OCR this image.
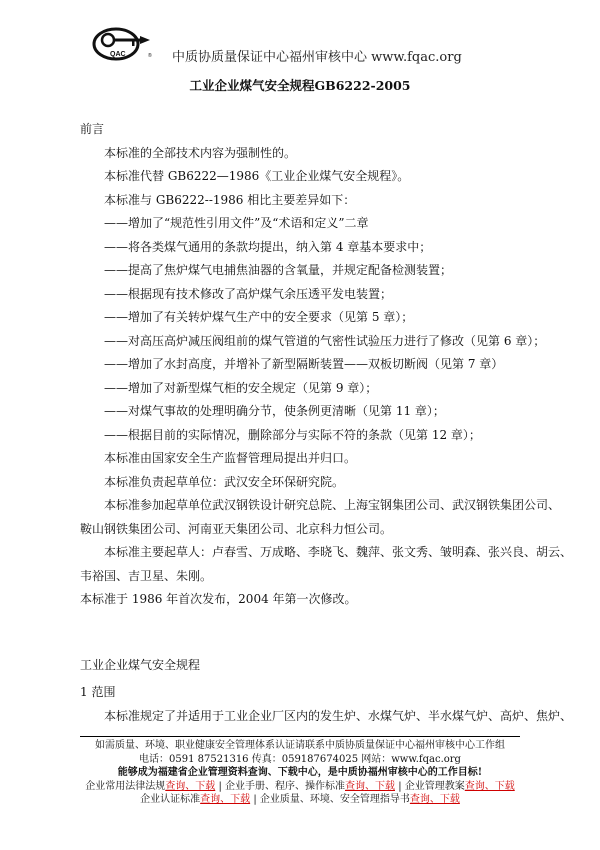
QAC	® 中质协质量保证中心福州审核中心 www.fqac.org
工业企业煤气安全规程GB6222-2005

前言

本标准的全部技术内容为强制性的。

本标准代替 GB6222—1986《工业企业煤气安全规程》。

本标准与 GB6222--1986 相比主要差异如下：

——增加了“规范性引用文件”及“术语和定义”二章

——将各类煤气通用的条款均提出，纳入第 4 章基本要求中；

——提高了焦炉煤气电捕焦油器的含氧量，并规定配备检测装置；

——根据现有技术修改了高炉煤气余压透平发电装置；

——增加了有关转炉煤气生产中的安全要求（见第 5 章）；

——对高压高炉减压阀组前的煤气管道的气密性试验压力进行了修改（见第 6 章）；

——增加了水封高度，并增补了新型隔断装置——双板切断阀（见第 7 章）

——增加了对新型煤气柜的安全规定（见第 9 章）；

——对煤气事故的处理明确分节，使条例更清晰（见第 11 章）；

——根据目前的实际情况，删除部分与实际不符的条款（见第 12 章）；

本标准由国家安全生产监督管理局提出并归口。

本标准负责起草单位：武汉安全环保研究院。

本标准参加起草单位武汉钢铁设计研究总院、上海宝钢集团公司、武汉钢铁集团公司、

鞍山钢铁集团公司、河南亚天集团公司、北京科力恒公司。

本标准主要起草人：卢春雪、万成略、李晓飞、魏萍、张文秀、皱明森、张兴良、胡云、

韦裕国、吉卫星、朱刚。

本标准于 1986 年首次发布，2004 年第一次修改。

工业企业煤气安全规程

1 范围

本标准规定了并适用于工业企业厂区内的发生炉、水煤气炉、半水煤气炉、高炉、焦炉、

如需质量、环境、职业健康安全管理体系认证请联系中质协质量保证中心福州审核中心工作组
电话：0591 87521316 传真：059187674025 网站：www.fqac.org
能够成为福建省企业管理资料查询、下载中心，是中质协福州审核中心的工作目标!
企业常用法律法规查询、下载 | 企业手册、程序、操作标准查询、下载 | 企业管理教案查询、下载
企业认证标准查询、下载 | 企业质量、环境、安全管理指导书查询、下载
